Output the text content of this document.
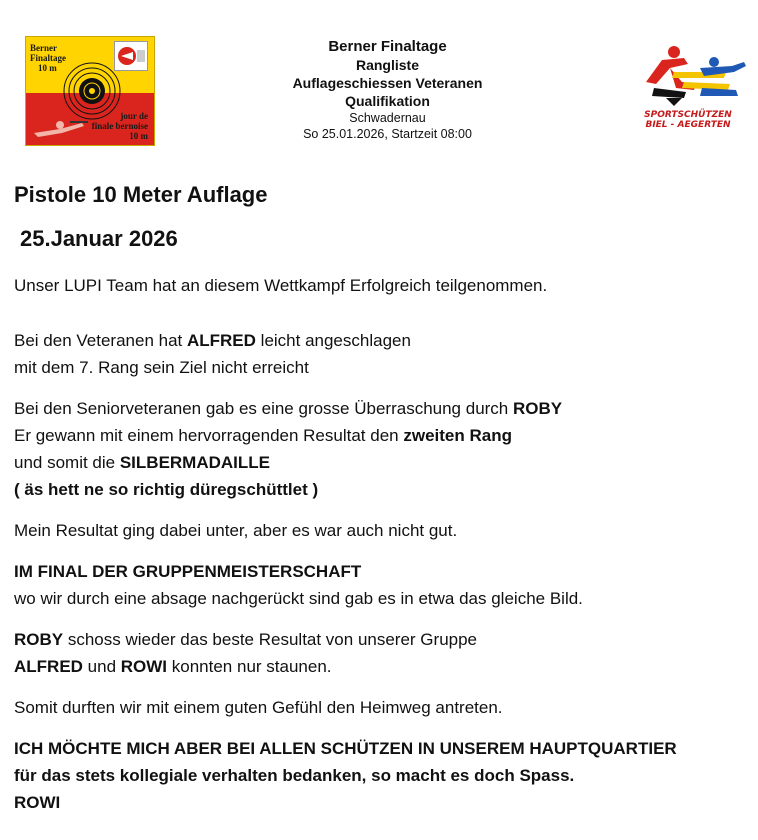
Berner
Finaltage
10 m
jour de
finale bernoise
10 m
Berner Finaltage
Rangliste
Auflageschiessen Veteranen
Qualifikation
Schwadernau
So 25.01.2026, Startzeit 08:00
SPORTSCHÜTZEN
BIEL - AEGERTEN
Pistole 10 Meter Auflage
25.Januar 2026

Unser LUPI Team hat an diesem Wettkampf Erfolgreich teilgenommen.

Bei den Veteranen hat ALFRED leicht angeschlagen
mit dem 7. Rang sein Ziel nicht erreicht

Bei den Seniorveteranen gab es eine grosse Überraschung durch ROBY
Er gewann mit einem hervorragenden Resultat den zweiten Rang
und somit die SILBERMADAILLE
( äs hett ne so richtig düregschüttlet )

Mein Resultat ging dabei unter, aber es war auch nicht gut.

IM FINAL DER GRUPPENMEISTERSCHAFT
wo wir durch eine absage nachgerückt sind gab es in etwa das gleiche Bild.

ROBY schoss wieder das beste Resultat von unserer Gruppe
ALFRED und ROWI konnten nur staunen.

Somit durften wir mit einem guten Gefühl den Heimweg antreten.

ICH MÖCHTE MICH ABER BEI ALLEN SCHÜTZEN IN UNSEREM HAUPTQUARTIER
für das stets kollegiale verhalten bedanken, so macht es doch Spass.
ROWI
